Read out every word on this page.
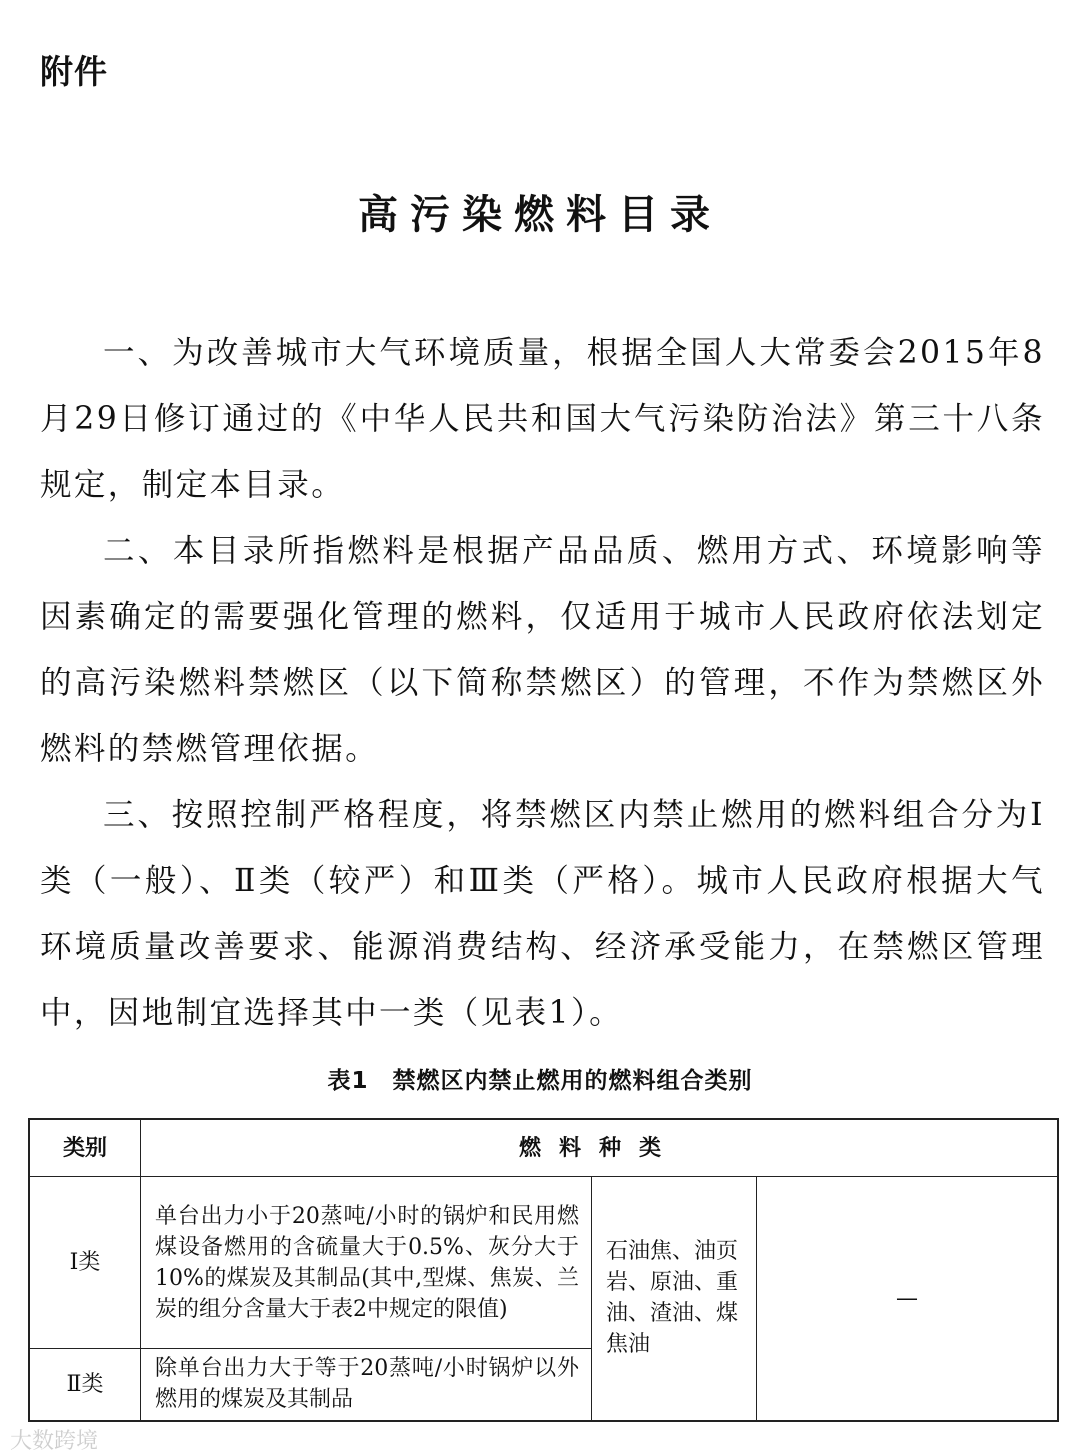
附件
高污染燃料目录

一、为改善城市大气环境质量，根据全国人大常委会2015年8月29日修订通过的《中华人民共和国大气污染防治法》第三十八条规定，制定本目录。

二、本目录所指燃料是根据产品品质、燃用方式、环境影响等因素确定的需要强化管理的燃料，仅适用于城市人民政府依法划定的高污染燃料禁燃区（以下简称禁燃区）的管理，不作为禁燃区外燃料的禁燃管理依据。

三、按照控制严格程度，将禁燃区内禁止燃用的燃料组合分为Ⅰ类（一般）、Ⅱ类（较严）和Ⅲ类（严格）。城市人民政府根据大气环境质量改善要求、能源消费结构、经济承受能力，在禁燃区管理中，因地制宜选择其中一类（见表1）。

表1　禁燃区内禁止燃用的燃料组合类别
类别	燃料种类		
Ⅰ类	单台出力小于20蒸吨/小时的锅炉和民用燃煤设备燃用的含硫量大于0.5%、灰分大于10%的煤炭及其制品(其中,型煤、焦炭、兰炭的组分含量大于表2中规定的限值)	石油焦、油页岩、原油、重油、渣油、煤焦油	—
Ⅱ类	除单台出力大于等于20蒸吨/小时锅炉以外燃用的煤炭及其制品		
大数跨境
